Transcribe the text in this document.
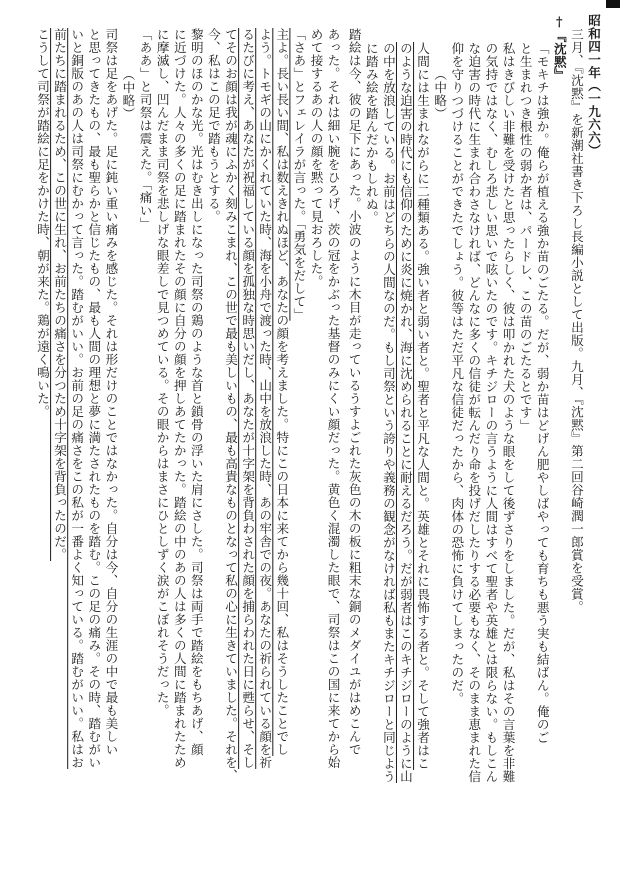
昭和四一年（一九六六）
三月、『沈黙』を新潮社書き下ろし長編小説として出版。九月、『沈黙』第二回谷崎潤一郎賞を受賞。
†『沈黙』
「モキチは強か。俺らが植える強か苗のごたる。だが、弱か苗はどげん肥やしばやっても育ちも悪う実も結ばん。俺のご
と生まれつき根性の弱か者は、パードレ、この苗のごたるとです」
私はきびしい非難を受けたと思ったらしく、彼は叩かれた犬のような眼をして後ずさりをしました。だが、私はその言葉を非難
の気持ではなく、むしろ悲しい思いで呟いたのです。キチジローの言うように人間はすべて聖者や英雄とは限らない。もしこん
な迫害の時代に生まれ合わさなければ、どんなに多くの信徒が転んだり命を投げだしたりする必要もなく、そのまま恵まれた信
仰を守りつづけることができたでしょう。彼等はただ平凡な信徒だったから、肉体の恐怖に負けてしまったのだ。
（中略）
人間には生まれながらに二種類ある。強い者と弱い者と。聖者と平凡な人間と。英雄とそれに畏怖する者と。そして強者はこ
のような迫害の時代にも信仰のために炎に焼かれ、海に沈められることに耐えるだろう。だが弱者はこのキチジローのように山
の中を放浪している。お前はどちらの人間なのだ。もし司祭という誇りや義務の観念がなければ私もまたキチジローと同じよう
に踏み絵を踏んだかもしれぬ。
踏絵は今、彼の足下にあった。小波のように木目が走っているうすよごれた灰色の木の板に粗末な銅のメダイユがはめこんで
あった。それは細い腕をひろげ、茨の冠をかぶった基督のみにくい顔だった。黄色く混濁した眼で、司祭はこの国に来てから始
めて接するあの人の顔を黙って見おろした。
「さあ」とフェレイラが言った。「勇気をだして」
主よ。長い長い間、私は数えきれぬほど、あなたの顔を考えました。特にこの日本に来てから幾十回、私はそうしたことでし
よう。トモギの山にかくれていた時、海を小舟で渡った時、山中を放浪した時、あの牢舎での夜。あなたの祈られている顔を祈
るたびに考え、あなたが祝福している顔を孤独な時思いだし、あなたが十字架を背負わされた顔を捕らわれた日に甦らせ、そし
てそのお顔は我が魂にふかく刻みこまれ、この世で最も美しいもの、最も高貴なものとなって私の心に生きていました。それを、
今、私はこの足で踏もうとする。
黎明のほのかな光。光はむき出しになった司祭の鶏のような首と鎖骨の浮いた肩にさした。司祭は両手で踏絵をもちあげ、顔
に近づけた。人々の多くの足に踏まれたその顔に自分の顔を押しあてたかった。踏絵の中のあの人は多くの人間に踏まれたため
に摩滅し、凹んだまま司祭を悲しげな眼差しで見つめている。その眼からはまさにひとしずく涙がこぼれそうだった。
「ああ」と司祭は震えた。「痛い」
（中略）
司祭は足をあげた。足に鈍い重い痛みを感じた。それは形だけのことではなかった。自分は今、自分の生涯の中で最も美しい
と思ってきたもの、最も聖らかと信じたもの、最も人間の理想と夢に満たされたものを踏む。この足の痛み。その時、踏むがい
いと銅版のあの人は司祭にむかって言った。踏むがいい。お前の足の痛さをこの私が一番よく知っている。踏むがいい。私はお
前たちに踏まれるため、この世に生れ、お前たちの痛さを分つため十字架を背負ったのだ。
こうして司祭が踏絵に足をかけた時、朝が来た。鶏が遠く鳴いた。
